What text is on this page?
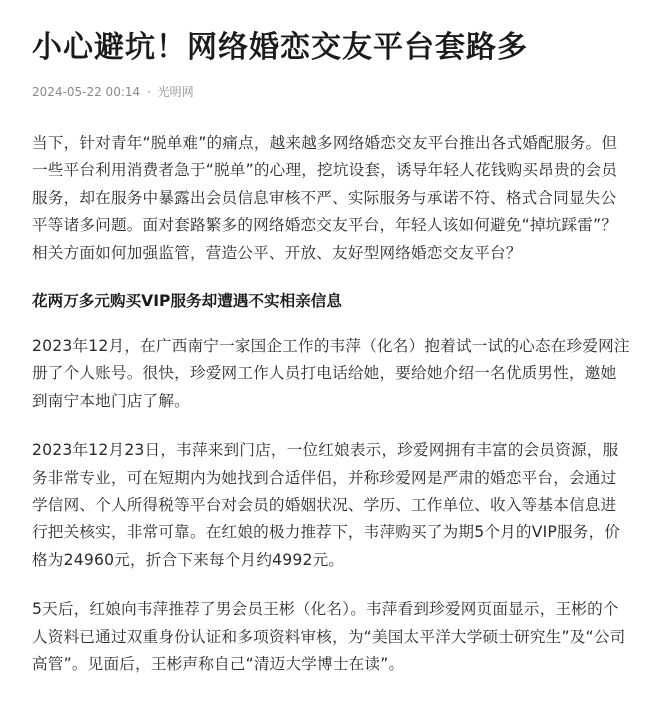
小心避坑！网络婚恋交友平台套路多
2024-05-22 00:14 · 光明网

当下，针对青年“脱单难”的痛点，越来越多网络婚恋交友平台推出各式婚配服务。但一些平台利用消费者急于“脱单”的心理，挖坑设套，诱导年轻人花钱购买昂贵的会员服务，却在服务中暴露出会员信息审核不严、实际服务与承诺不符、格式合同显失公平等诸多问题。面对套路繁多的网络婚恋交友平台，年轻人该如何避免“掉坑踩雷”？相关方面如何加强监管，营造公平、开放、友好型网络婚恋交友平台？

花两万多元购买VIP服务却遭遇不实相亲信息

2023年12月，在广西南宁一家国企工作的韦萍（化名）抱着试一试的心态在珍爱网注册了个人账号。很快，珍爱网工作人员打电话给她，要给她介绍一名优质男性，邀她到南宁本地门店了解。

2023年12月23日，韦萍来到门店，一位红娘表示，珍爱网拥有丰富的会员资源，服务非常专业，可在短期内为她找到合适伴侣，并称珍爱网是严肃的婚恋平台，会通过学信网、个人所得税等平台对会员的婚姻状况、学历、工作单位、收入等基本信息进行把关核实，非常可靠。在红娘的极力推荐下，韦萍购买了为期5个月的VIP服务，价格为24960元，折合下来每个月约4992元。

5天后，红娘向韦萍推荐了男会员王彬（化名）。韦萍看到珍爱网页面显示，王彬的个人资料已通过双重身份认证和多项资料审核，为“美国太平洋大学硕士研究生”及“公司高管”。见面后，王彬声称自己“清迈大学博士在读”。
